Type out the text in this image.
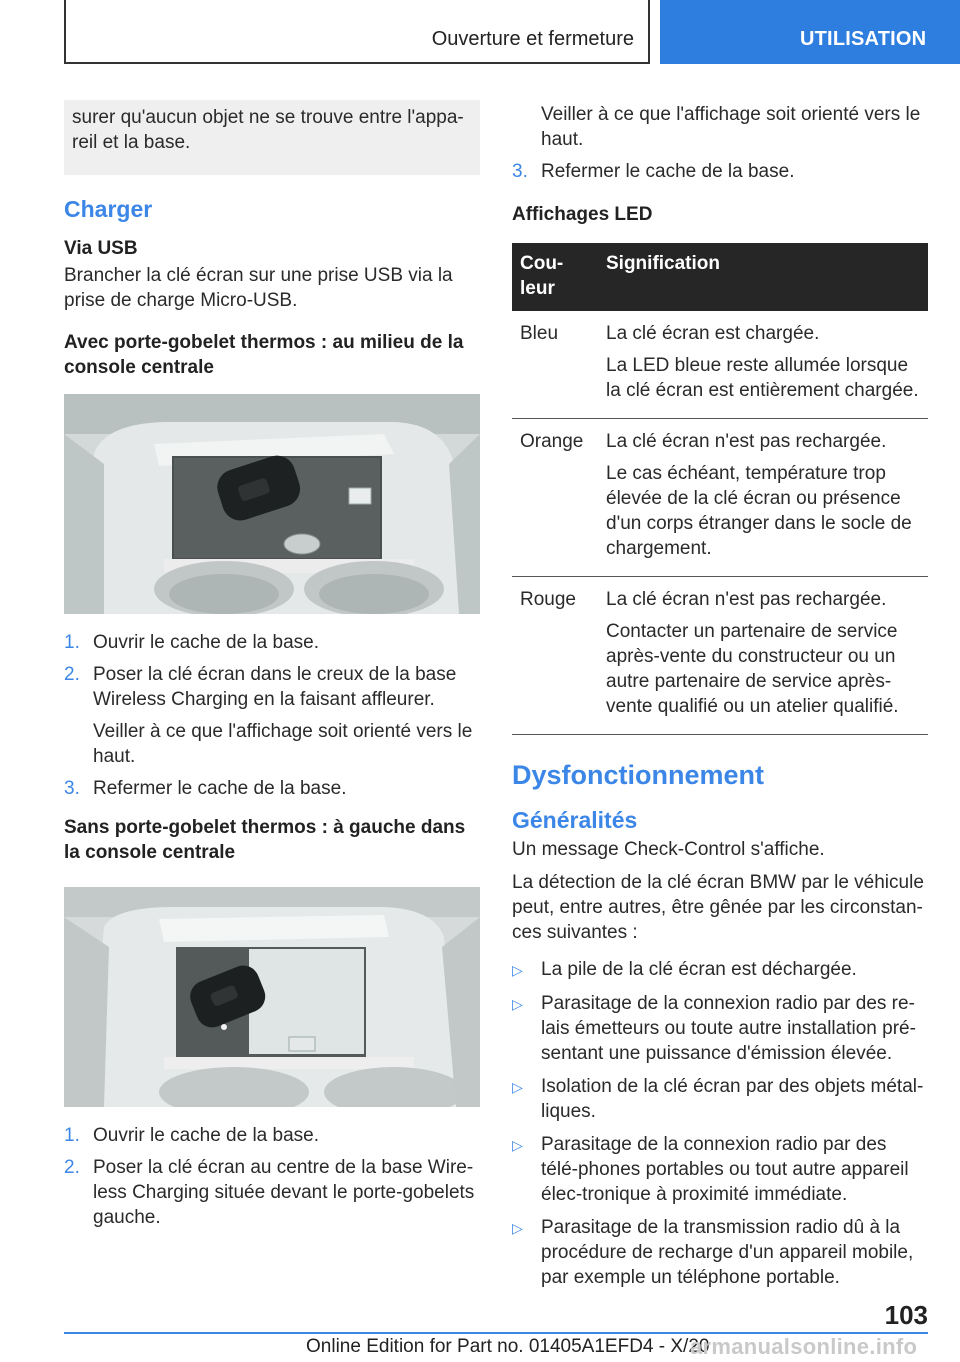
Ouverture et fermeture	UTILISATION
surer qu'aucun objet ne se trouve entre l'appa-reil et la base.
Charger
Via USB

Brancher la clé écran sur une prise USB via la prise de charge Micro-USB.

Avec porte-gobelet thermos : au milieu de la console centrale
1. Ouvrir le cache de la base.
2. Poser la clé écran dans le creux de la base Wireless Charging en la faisant affleurer.
Veiller à ce que l'affichage soit orienté vers le haut.
3. Refermer le cache de la base.
Sans porte-gobelet thermos : à gauche dans la console centrale
1. Ouvrir le cache de la base.
2. Poser la clé écran au centre de la base Wire-less Charging située devant le porte-gobelets gauche.
Veiller à ce que l'affichage soit orienté vers le haut.
3. Refermer le cache de la base.
Affichages LED
Cou-leur	Signification
Bleu	La clé écran est chargée.

La LED bleue reste allumée lorsque la clé écran est entièrement chargée.

Orange	La clé écran n'est pas rechargée.

Le cas échéant, température trop élevée de la clé écran ou présence d'un corps étranger dans le socle de chargement.

Rouge	La clé écran n'est pas rechargée.

Contacter un partenaire de service après-vente du constructeur ou un autre partenaire de service après-vente qualifié ou un atelier qualifié.

Dysfonctionnement
Généralités

Un message Check-Control s'affiche.

La détection de la clé écran BMW par le véhicule peut, entre autres, être gênée par les circonstan-ces suivantes :

▷ La pile de la clé écran est déchargée.
▷ Parasitage de la connexion radio par des re-lais émetteurs ou toute autre installation pré-sentant une puissance d'émission élevée.
▷ Isolation de la clé écran par des objets métal-liques.
▷ Parasitage de la connexion radio par des télé-phones portables ou tout autre appareil élec-tronique à proximité immédiate.
▷ Parasitage de la transmission radio dû à la procédure de recharge d'un appareil mobile, par exemple un téléphone portable.
103
Online Edition for Part no. 01405A1EFD4 - X/20
armanualsonline.info
